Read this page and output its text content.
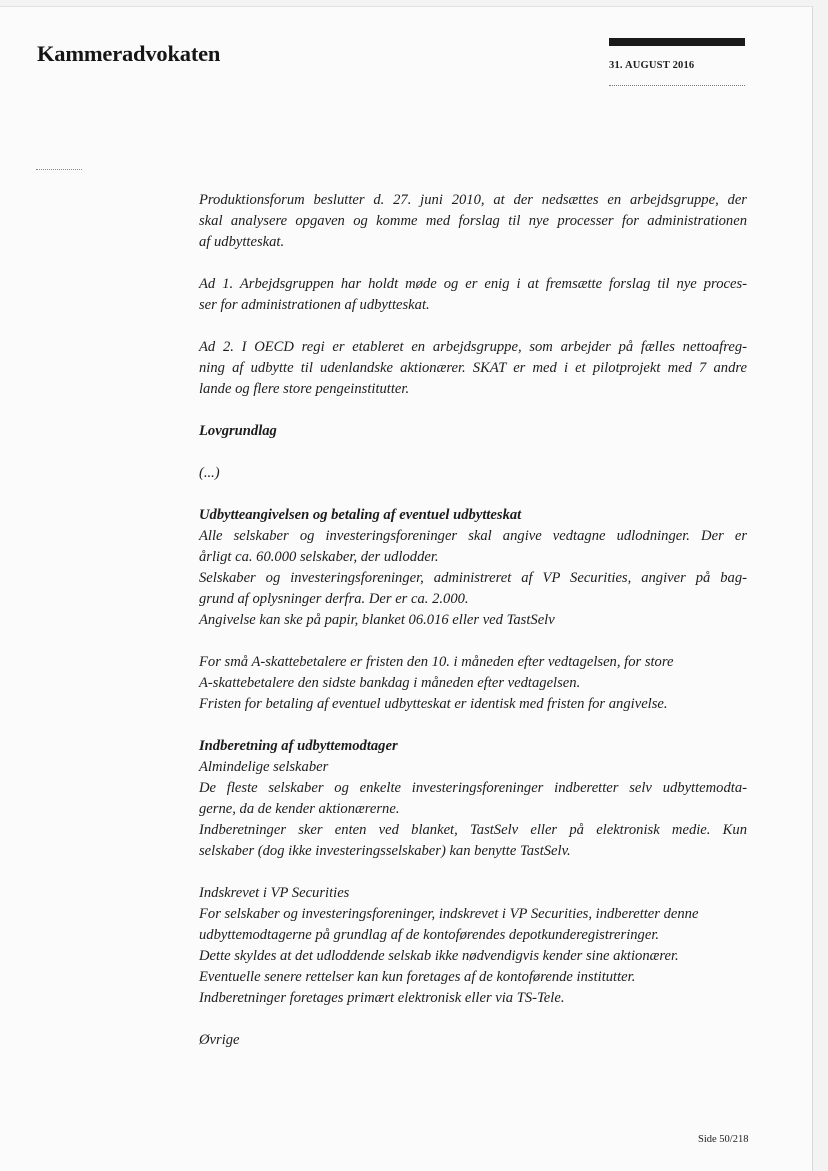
Kammeradvokaten	31. AUGUST 2016
Produktionsforum beslutter d. 27. juni 2010, at der nedsættes en arbejdsgruppe, der
skal analysere opgaven og komme med forslag til nye processer for administrationen
af udbytteskat.
Ad 1. Arbejdsgruppen har holdt møde og er enig i at fremsætte forslag til nye proces-
ser for administrationen af udbytteskat.
Ad 2. I OECD regi er etableret en arbejdsgruppe, som arbejder på fælles nettoafreg-
ning af udbytte til udenlandske aktionærer. SKAT er med i et pilotprojekt med 7 andre
lande og flere store pengeinstitutter.
Lovgrundlag
(...)
Udbytteangivelsen og betaling af eventuel udbytteskat
Alle selskaber og investeringsforeninger skal angive vedtagne udlodninger. Der er
årligt ca. 60.000 selskaber, der udlodder.
Selskaber og investeringsforeninger, administreret af VP Securities, angiver på bag-
grund af oplysninger derfra. Der er ca. 2.000.
Angivelse kan ske på papir, blanket 06.016 eller ved TastSelv
For små A-skattebetalere er fristen den 10. i måneden efter vedtagelsen, for store
A-skattebetalere den sidste bankdag i måneden efter vedtagelsen.
Fristen for betaling af eventuel udbytteskat er identisk med fristen for angivelse.
Indberetning af udbyttemodtager
Almindelige selskaber
De fleste selskaber og enkelte investeringsforeninger indberetter selv udbyttemodta-
gerne, da de kender aktionærerne.
Indberetninger sker enten ved blanket, TastSelv eller på elektronisk medie. Kun
selskaber (dog ikke investeringsselskaber) kan benytte TastSelv.
Indskrevet i VP Securities
For selskaber og investeringsforeninger, indskrevet i VP Securities, indberetter denne
udbyttemodtagerne på grundlag af de kontoførendes depotkunderegistreringer.
Dette skyldes at det udloddende selskab ikke nødvendigvis kender sine aktionærer.
Eventuelle senere rettelser kan kun foretages af de kontoførende institutter.
Indberetninger foretages primært elektronisk eller via TS-Tele.
Øvrige
Side 50/218
